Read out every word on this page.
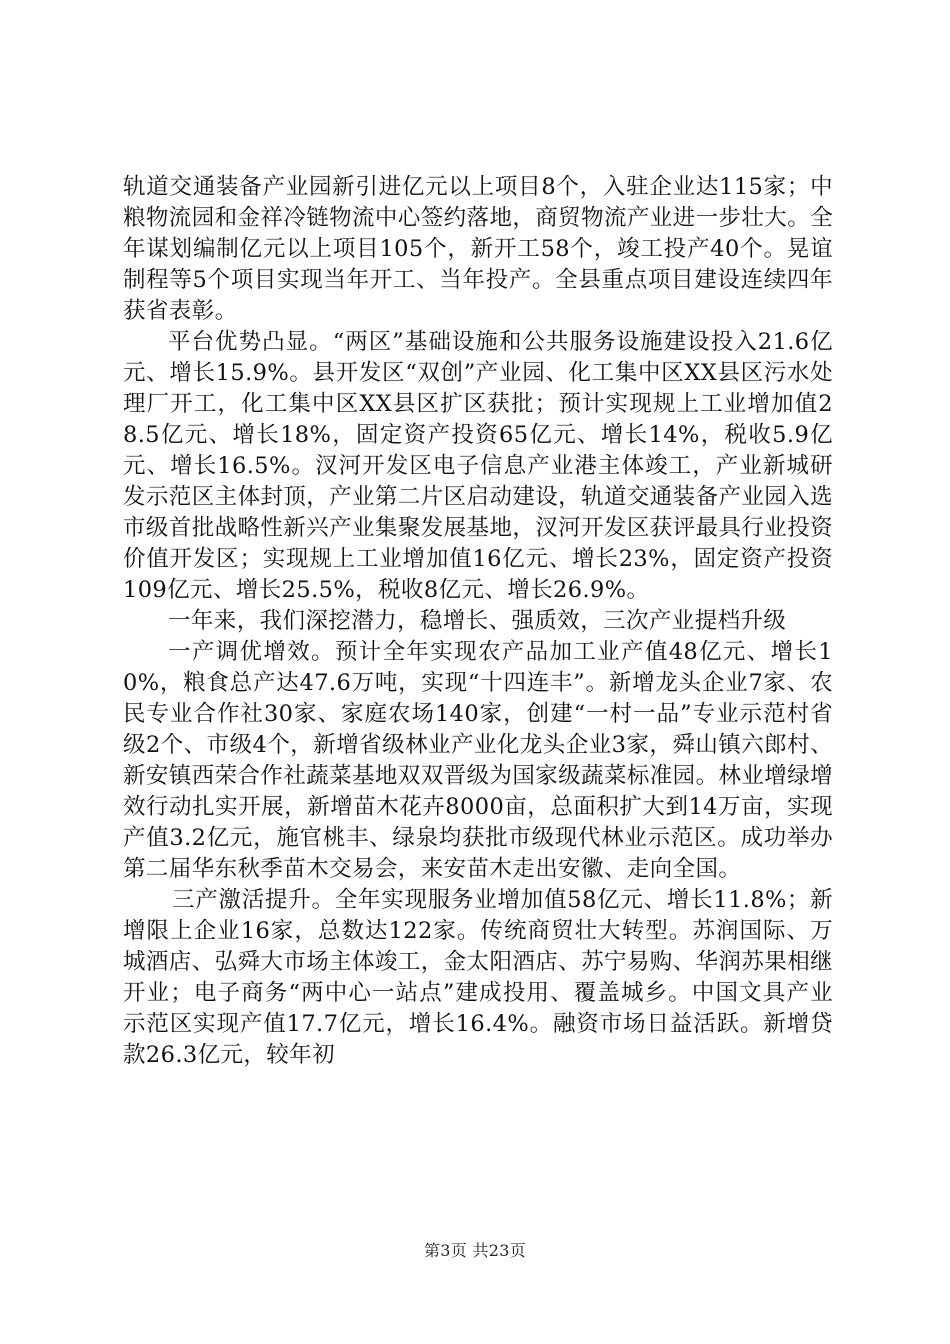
轨道交通装备产业园新引进亿元以上项目8个，入驻企业达115家；中粮物流园和金祥冷链物流中心签约落地，商贸物流产业进一步壮大。全年谋划编制亿元以上项目105个，新开工58个，竣工投产40个。晃谊制程等5个项目实现当年开工、当年投产。全县重点项目建设连续四年获省表彰。

平台优势凸显。“两区”基础设施和公共服务设施建设投入21.6亿元、增长15.9%。县开发区“双创”产业园、化工集中区XX县区污水处理厂开工，化工集中区XX县区扩区获批；预计实现规上工业增加值28.5亿元、增长18%，固定资产投资65亿元、增长14%，税收5.9亿元、增长16.5%。汊河开发区电子信息产业港主体竣工，产业新城研发示范区主体封顶，产业第二片区启动建设，轨道交通装备产业园入选市级首批战略性新兴产业集聚发展基地，汊河开发区获评最具行业投资价值开发区；实现规上工业增加值16亿元、增长23%，固定资产投资109亿元、增长25.5%，税收8亿元、增长26.9%。

一年来，我们深挖潜力，稳增长、强质效，三次产业提档升级

一产调优增效。预计全年实现农产品加工业产值48亿元、增长10%，粮食总产达47.6万吨，实现“十四连丰”。新增龙头企业7家、农民专业合作社30家、家庭农场140家，创建“一村一品”专业示范村省级2个、市级4个，新增省级林业产业化龙头企业3家，舜山镇六郎村、新安镇西荣合作社蔬菜基地双双晋级为国家级蔬菜标准园。林业增绿增效行动扎实开展，新增苗木花卉8000亩，总面积扩大到14万亩，实现产值3.2亿元，施官桃丰、绿泉均获批市级现代林业示范区。成功举办第二届华东秋季苗木交易会，来安苗木走出安徽、走向全国。

三产激活提升。全年实现服务业增加值58亿元、增长11.8%；新增限上企业16家，总数达122家。传统商贸壮大转型。苏润国际、万城酒店、弘舜大市场主体竣工，金太阳酒店、苏宁易购、华润苏果相继开业；电子商务“两中心一站点”建成投用、覆盖城乡。中国文具产业示范区实现产值17.7亿元，增长16.4%。融资市场日益活跃。新增贷款26.3亿元，较年初

第3页 共23页
